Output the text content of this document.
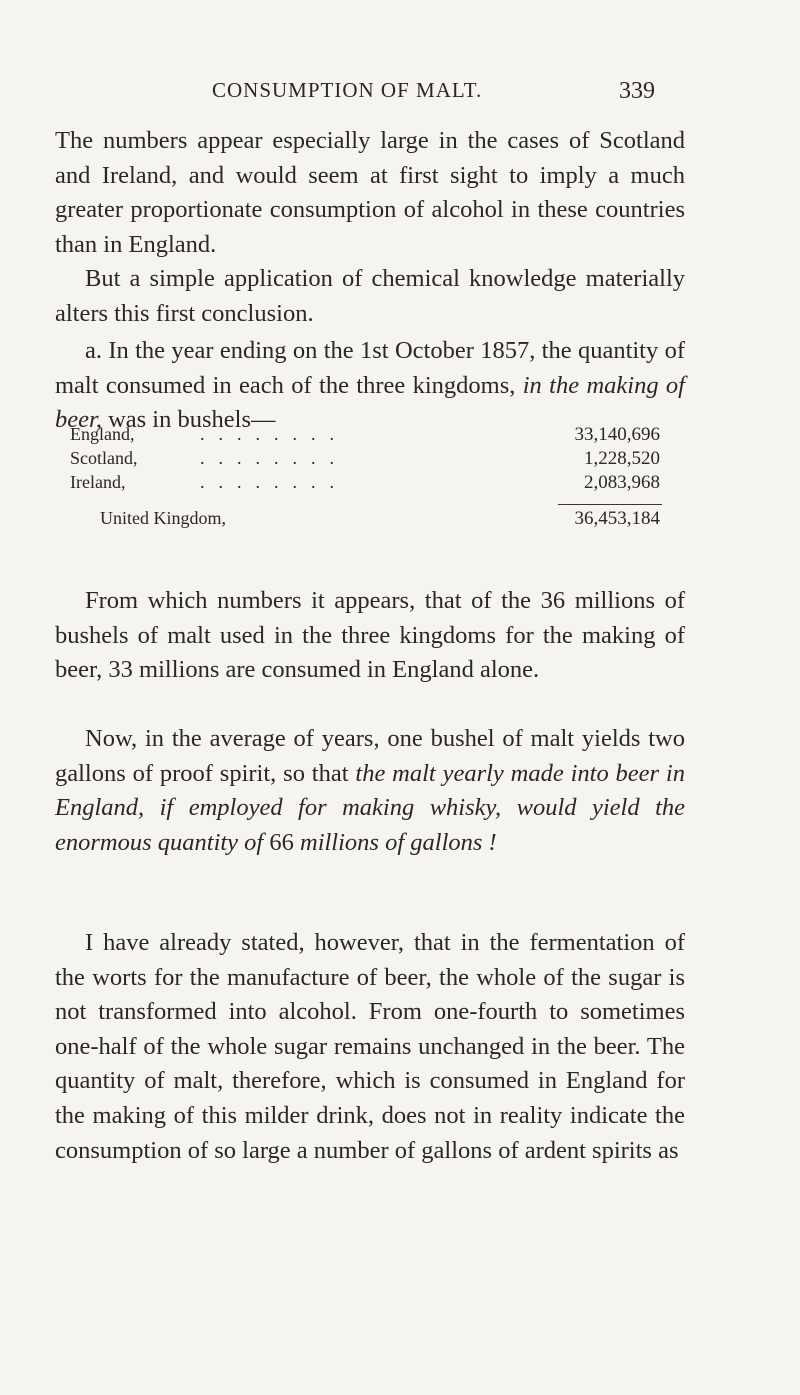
CONSUMPTION OF MALT.	339

The numbers appear especially large in the cases of Scotland and Ireland, and would seem at first sight to imply a much greater proportionate consumption of alcohol in these countries than in England.

But a simple application of chemical knowledge materially alters this first conclusion.

a. In the year ending on the 1st October 1857, the quantity of malt consumed in each of the three kingdoms, in the making of beer, was in bushels—

England,	........	33,140,696
Scotland,	........	1,228,520
Ireland,	........	2,083,968
United Kingdom,	36,453,184

From which numbers it appears, that of the 36 millions of bushels of malt used in the three kingdoms for the making of beer, 33 millions are consumed in England alone.

Now, in the average of years, one bushel of malt yields two gallons of proof spirit, so that the malt yearly made into beer in England, if employed for making whisky, would yield the enormous quantity of 66 millions of gallons !

I have already stated, however, that in the fermentation of the worts for the manufacture of beer, the whole of the sugar is not transformed into alcohol. From one-fourth to sometimes one-half of the whole sugar remains unchanged in the beer. The quantity of malt, therefore, which is consumed in England for the making of this milder drink, does not in reality indicate the consumption of so large a number of gallons of ardent spirits as
